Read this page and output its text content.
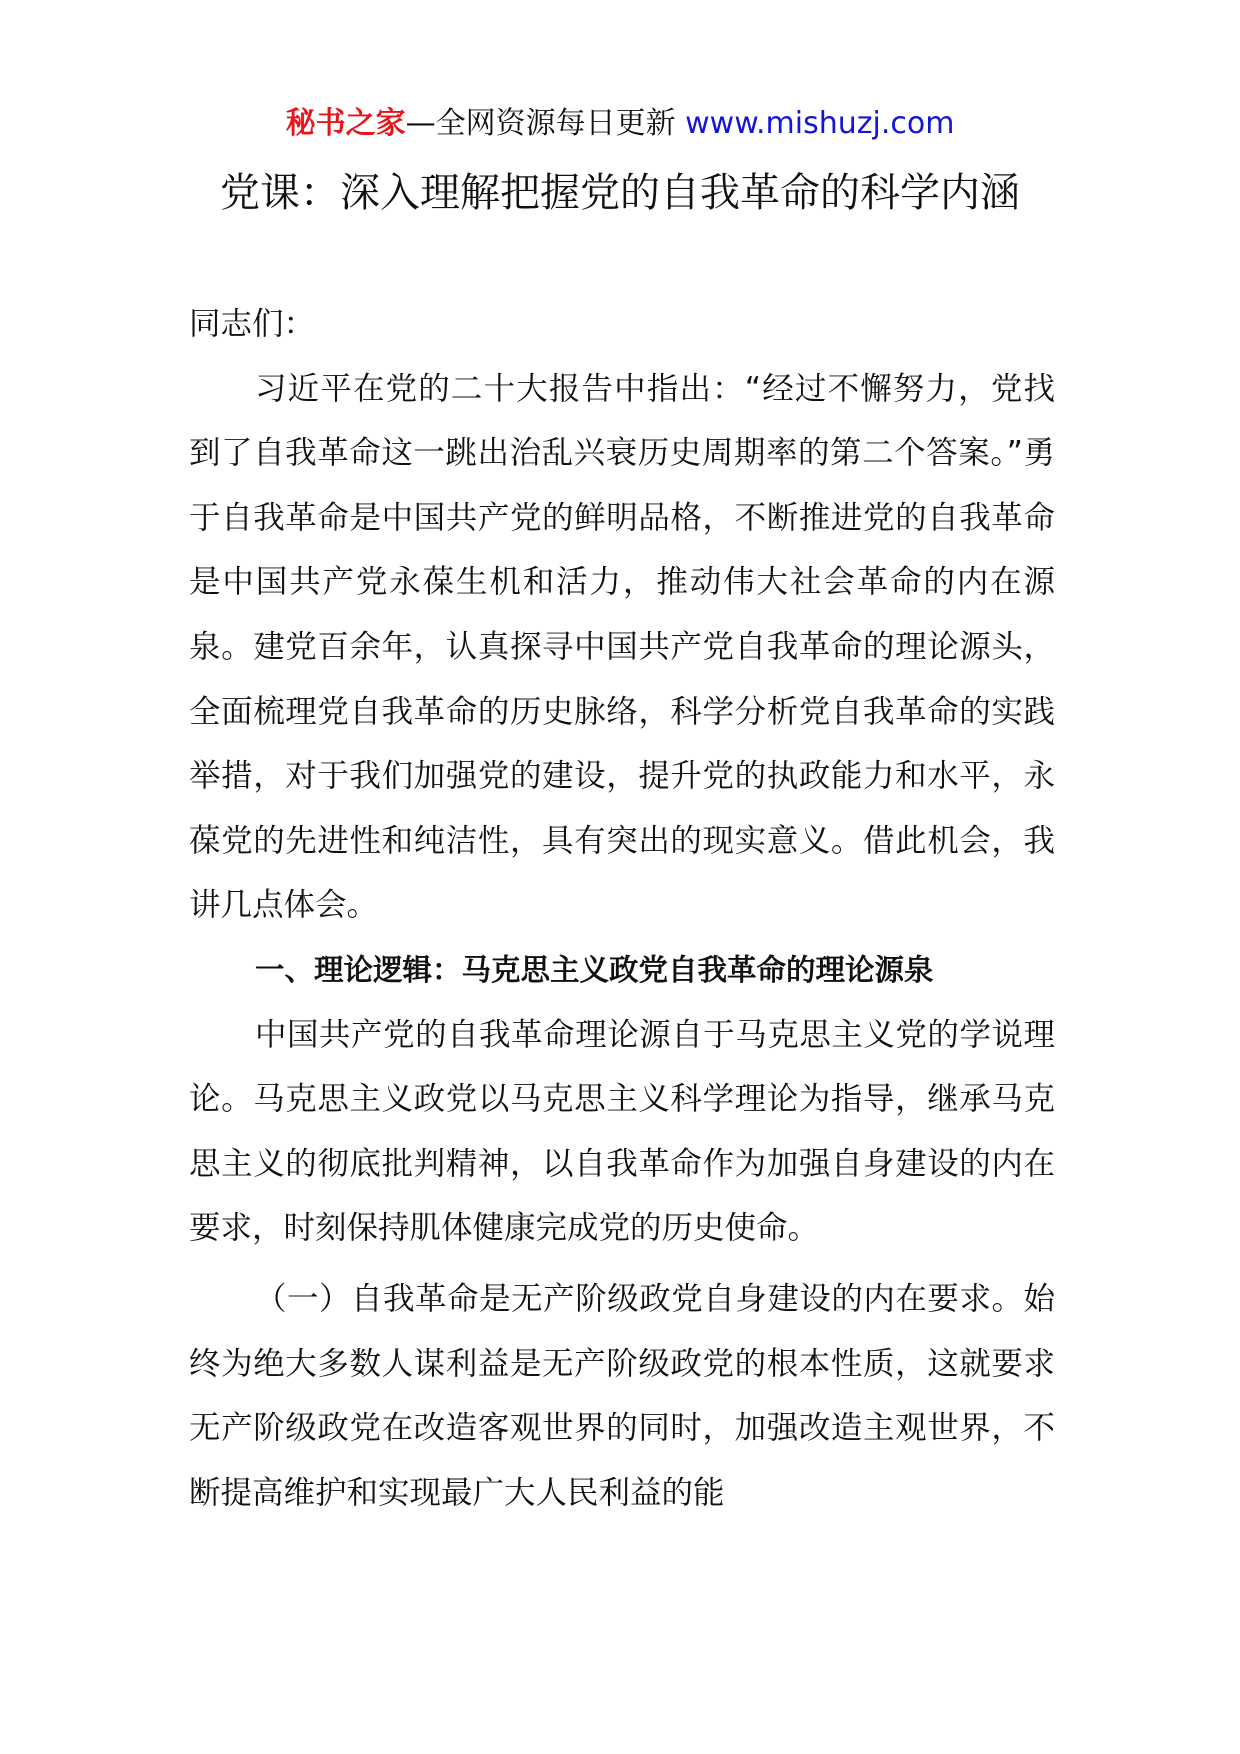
秘书之家—全网资源每日更新 www.mishuzj.com
党课：深入理解把握党的自我革命的科学内涵

同志们：

习近平在党的二十大报告中指出：“经过不懈努力，党找到了自我革命这一跳出治乱兴衰历史周期率的第二个答案。”勇于自我革命是中国共产党的鲜明品格，不断推进党的自我革命是中国共产党永葆生机和活力，推动伟大社会革命的内在源泉。建党百余年，认真探寻中国共产党自我革命的理论源头，全面梳理党自我革命的历史脉络，科学分析党自我革命的实践举措，对于我们加强党的建设，提升党的执政能力和水平，永葆党的先进性和纯洁性，具有突出的现实意义。借此机会，我讲几点体会。

一、理论逻辑：马克思主义政党自我革命的理论源泉

中国共产党的自我革命理论源自于马克思主义党的学说理论。马克思主义政党以马克思主义科学理论为指导，继承马克思主义的彻底批判精神，以自我革命作为加强自身建设的内在要求，时刻保持肌体健康完成党的历史使命。

（一）自我革命是无产阶级政党自身建设的内在要求。始终为绝大多数人谋利益是无产阶级政党的根本性质，这就要求无产阶级政党在改造客观世界的同时，加强改造主观世界，不断提高维护和实现最广大人民利益的能
